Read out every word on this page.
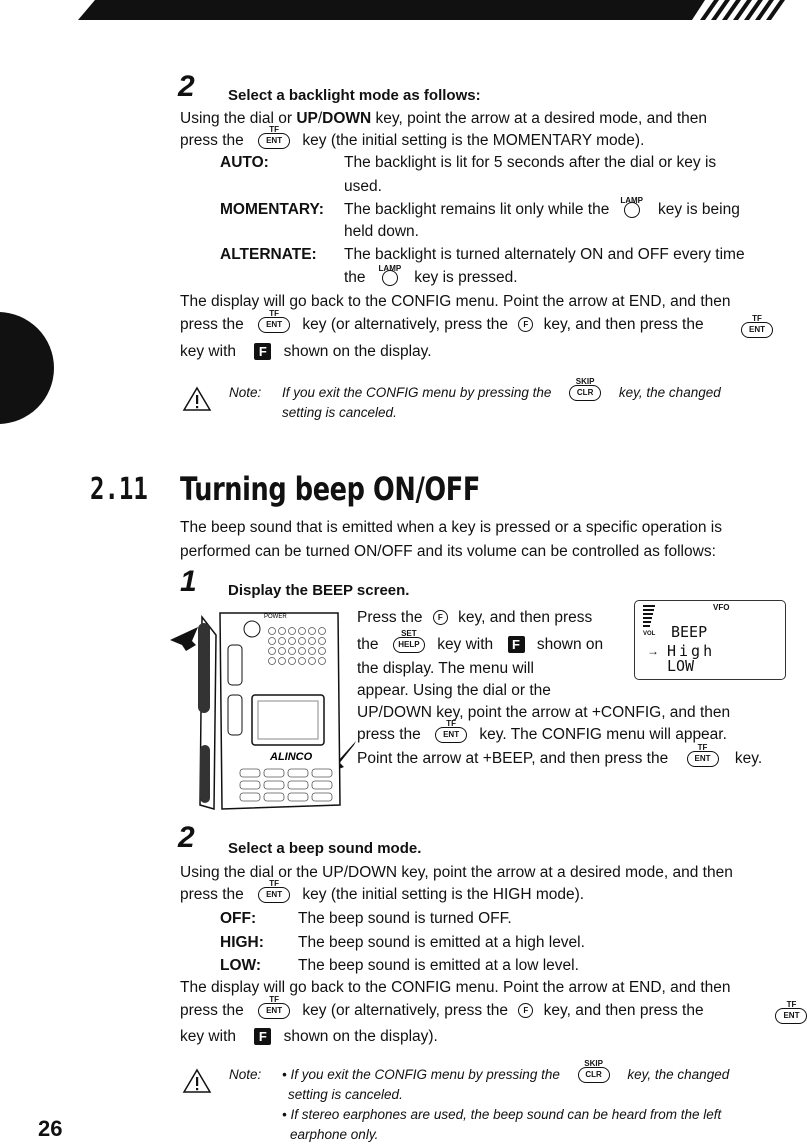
2 Select a backlight mode as follows:
Using the dial or UP/DOWN key, point the arrow at a desired mode, and then
press the
TF
ENT key (the initial setting is the MOMENTARY mode).
AUTO:	The backlight is lit for 5 seconds after the dial or key is
used.
MOMENTARY: The backlight remains lit only while the
LAMP
key is being
held down.
ALTERNATE: The backlight is turned alternately ON and OFF every time
the
LAMP
key is pressed.
The display will go back to the CONFIG menu. Point the arrow at END, and then
press the
TF
ENT key (or alternatively, press the F key, and then press the	TF
ENT
key with F shown on the display.
Note: If you exit the CONFIG menu by pressing the
SKIP
CLR key, the changed
setting is canceled.
2.11 Turning beep ON/OFF
The beep sound that is emitted when a key is pressed or a specific operation is
performed can be turned ON/OFF and its volume can be controlled as follows:
1 Display the BEEP screen.
POWER
ALINCO
Press the F key, and then press
the
SET
HELP key with F shown on
the display. The menu will
appear. Using the dial or the
UP/DOWN key, point the arrow at +CONFIG, and then
press the
TF
ENT key. The CONFIG menu will appear.
Point the arrow at +BEEP, and then press the
TF
ENT key.
VFO
VOL BEEP
→ High
LOW
2 Select a beep sound mode.
Using the dial or the UP/DOWN key, point the arrow at a desired mode, and then
press the
TF
ENT key (the initial setting is the HIGH mode).
OFF:	The beep sound is turned OFF.
HIGH: The beep sound is emitted at a high level.
LOW: The beep sound is emitted at a low level.
The display will go back to the CONFIG menu. Point the arrow at END, and then
press the
TF
ENT key (or alternatively, press the F key, and then press the	TF
ENT
key with F shown on the display).
Note: • If you exit the CONFIG menu by pressing the
SKIP
CLR key, the changed
setting is canceled.
• If stereo earphones are used, the beep sound can be heard from the left
earphone only.
26
